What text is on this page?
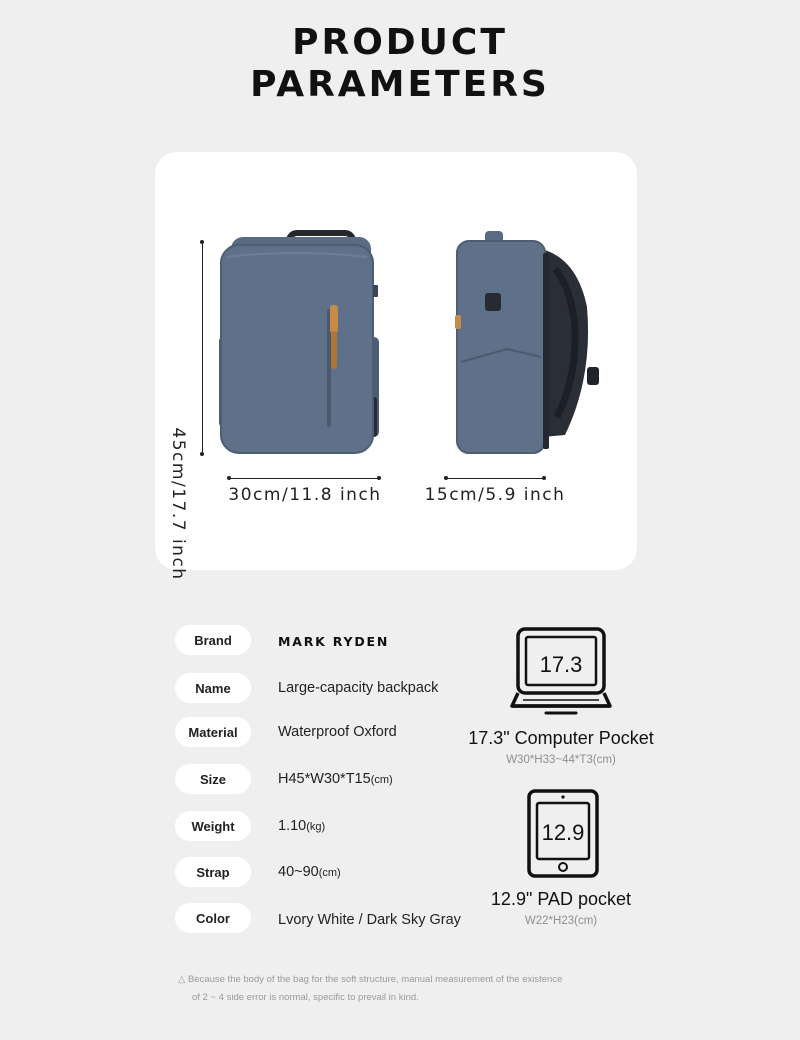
PRODUCT
PARAMETERS
45cm/17.7 inch	30cm/11.8 inch	15cm/5.9 inch
Brand	MARK RYDEN
Name	Large-capacity backpack
Material	Waterproof Oxford
Size	H45*W30*T15(cm)
Weight	1.10(kg)
Strap	40~90(cm)
Color	Lvory White / Dark Sky Gray
17.3
17.3" Computer Pocket
W30*H33~44*T3(cm)
12.9
12.9" PAD pocket
W22*H23(cm)
△ Because the body of the bag for the soft structure, manual measurement of the existence
of 2 ~ 4 side error is normal, specific to prevail in kind.
